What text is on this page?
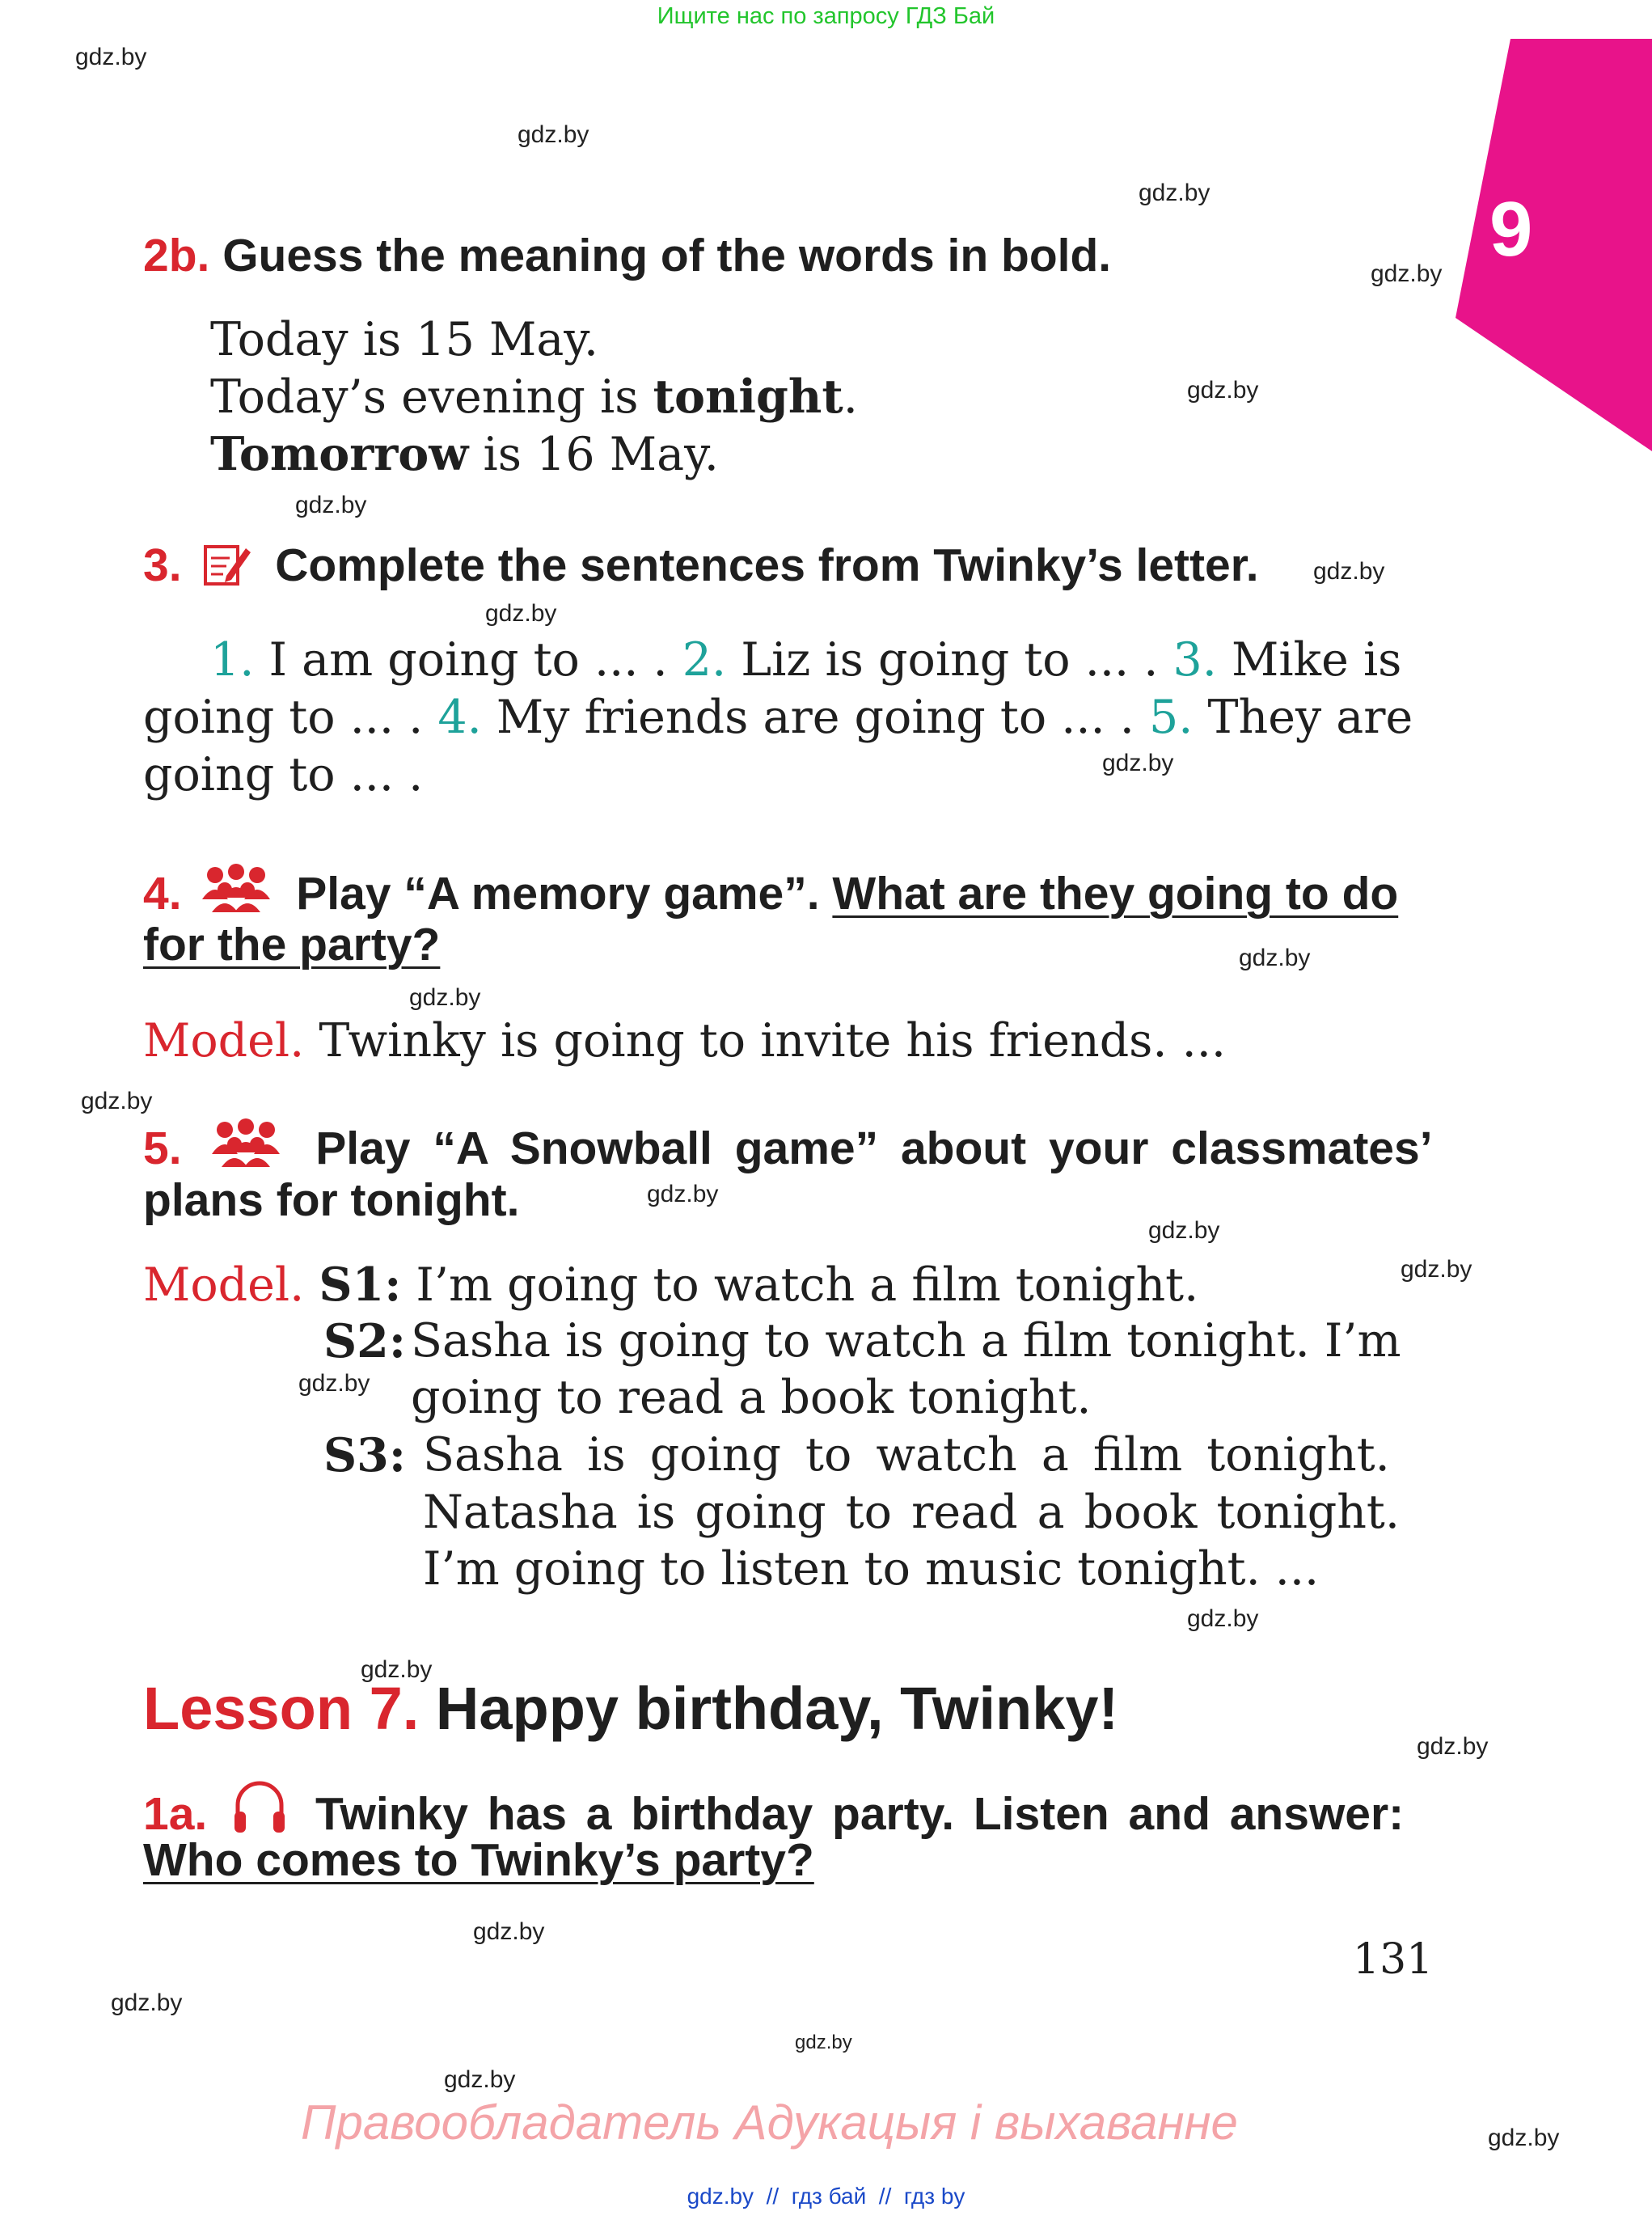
Ищите нас по запросу ГДЗ Бай
9
gdz.by
gdz.by
gdz.by
gdz.by
gdz.by
gdz.by
gdz.by
gdz.by
gdz.by
gdz.by
gdz.by
gdz.by
gdz.by
gdz.by
gdz.by
gdz.by
gdz.by
gdz.by
gdz.by
gdz.by
gdz.by
gdz.by
gdz.by
gdz.by
2b. Guess the meaning of the words in bold.
Today is 15 May.
Today’s evening is tonight.
Tomorrow is 16 May.
3. Complete the sentences from Twinky’s letter.
1. I am going to ... . 2. Liz is going to ... . 3. Mike is
going to ... . 4. My friends are going to ... . 5. They are
going to ... .
4. Play “A memory game”. What are they going to do
for the party?
Model. Twinky is going to invite his friends. ...
5.	Play “A Snowball game” about your classmates’
plans for tonight.
Model. S1: I’m going to watch a film tonight.
S2: Sasha is going to watch a film tonight. I’m
going to read a book tonight.
S3: Sasha is going to watch a film tonight.
Natasha is going to read a book tonight.
I’m going to listen to music tonight. ...
Lesson 7. Happy birthday, Twinky!
1a. Twinky has a birthday party. Listen and answer:
Who comes to Twinky’s party?
131
Правообладатель Адукацыя і выхаванне
gdz.by  //  гдз бай  //  гдз by
